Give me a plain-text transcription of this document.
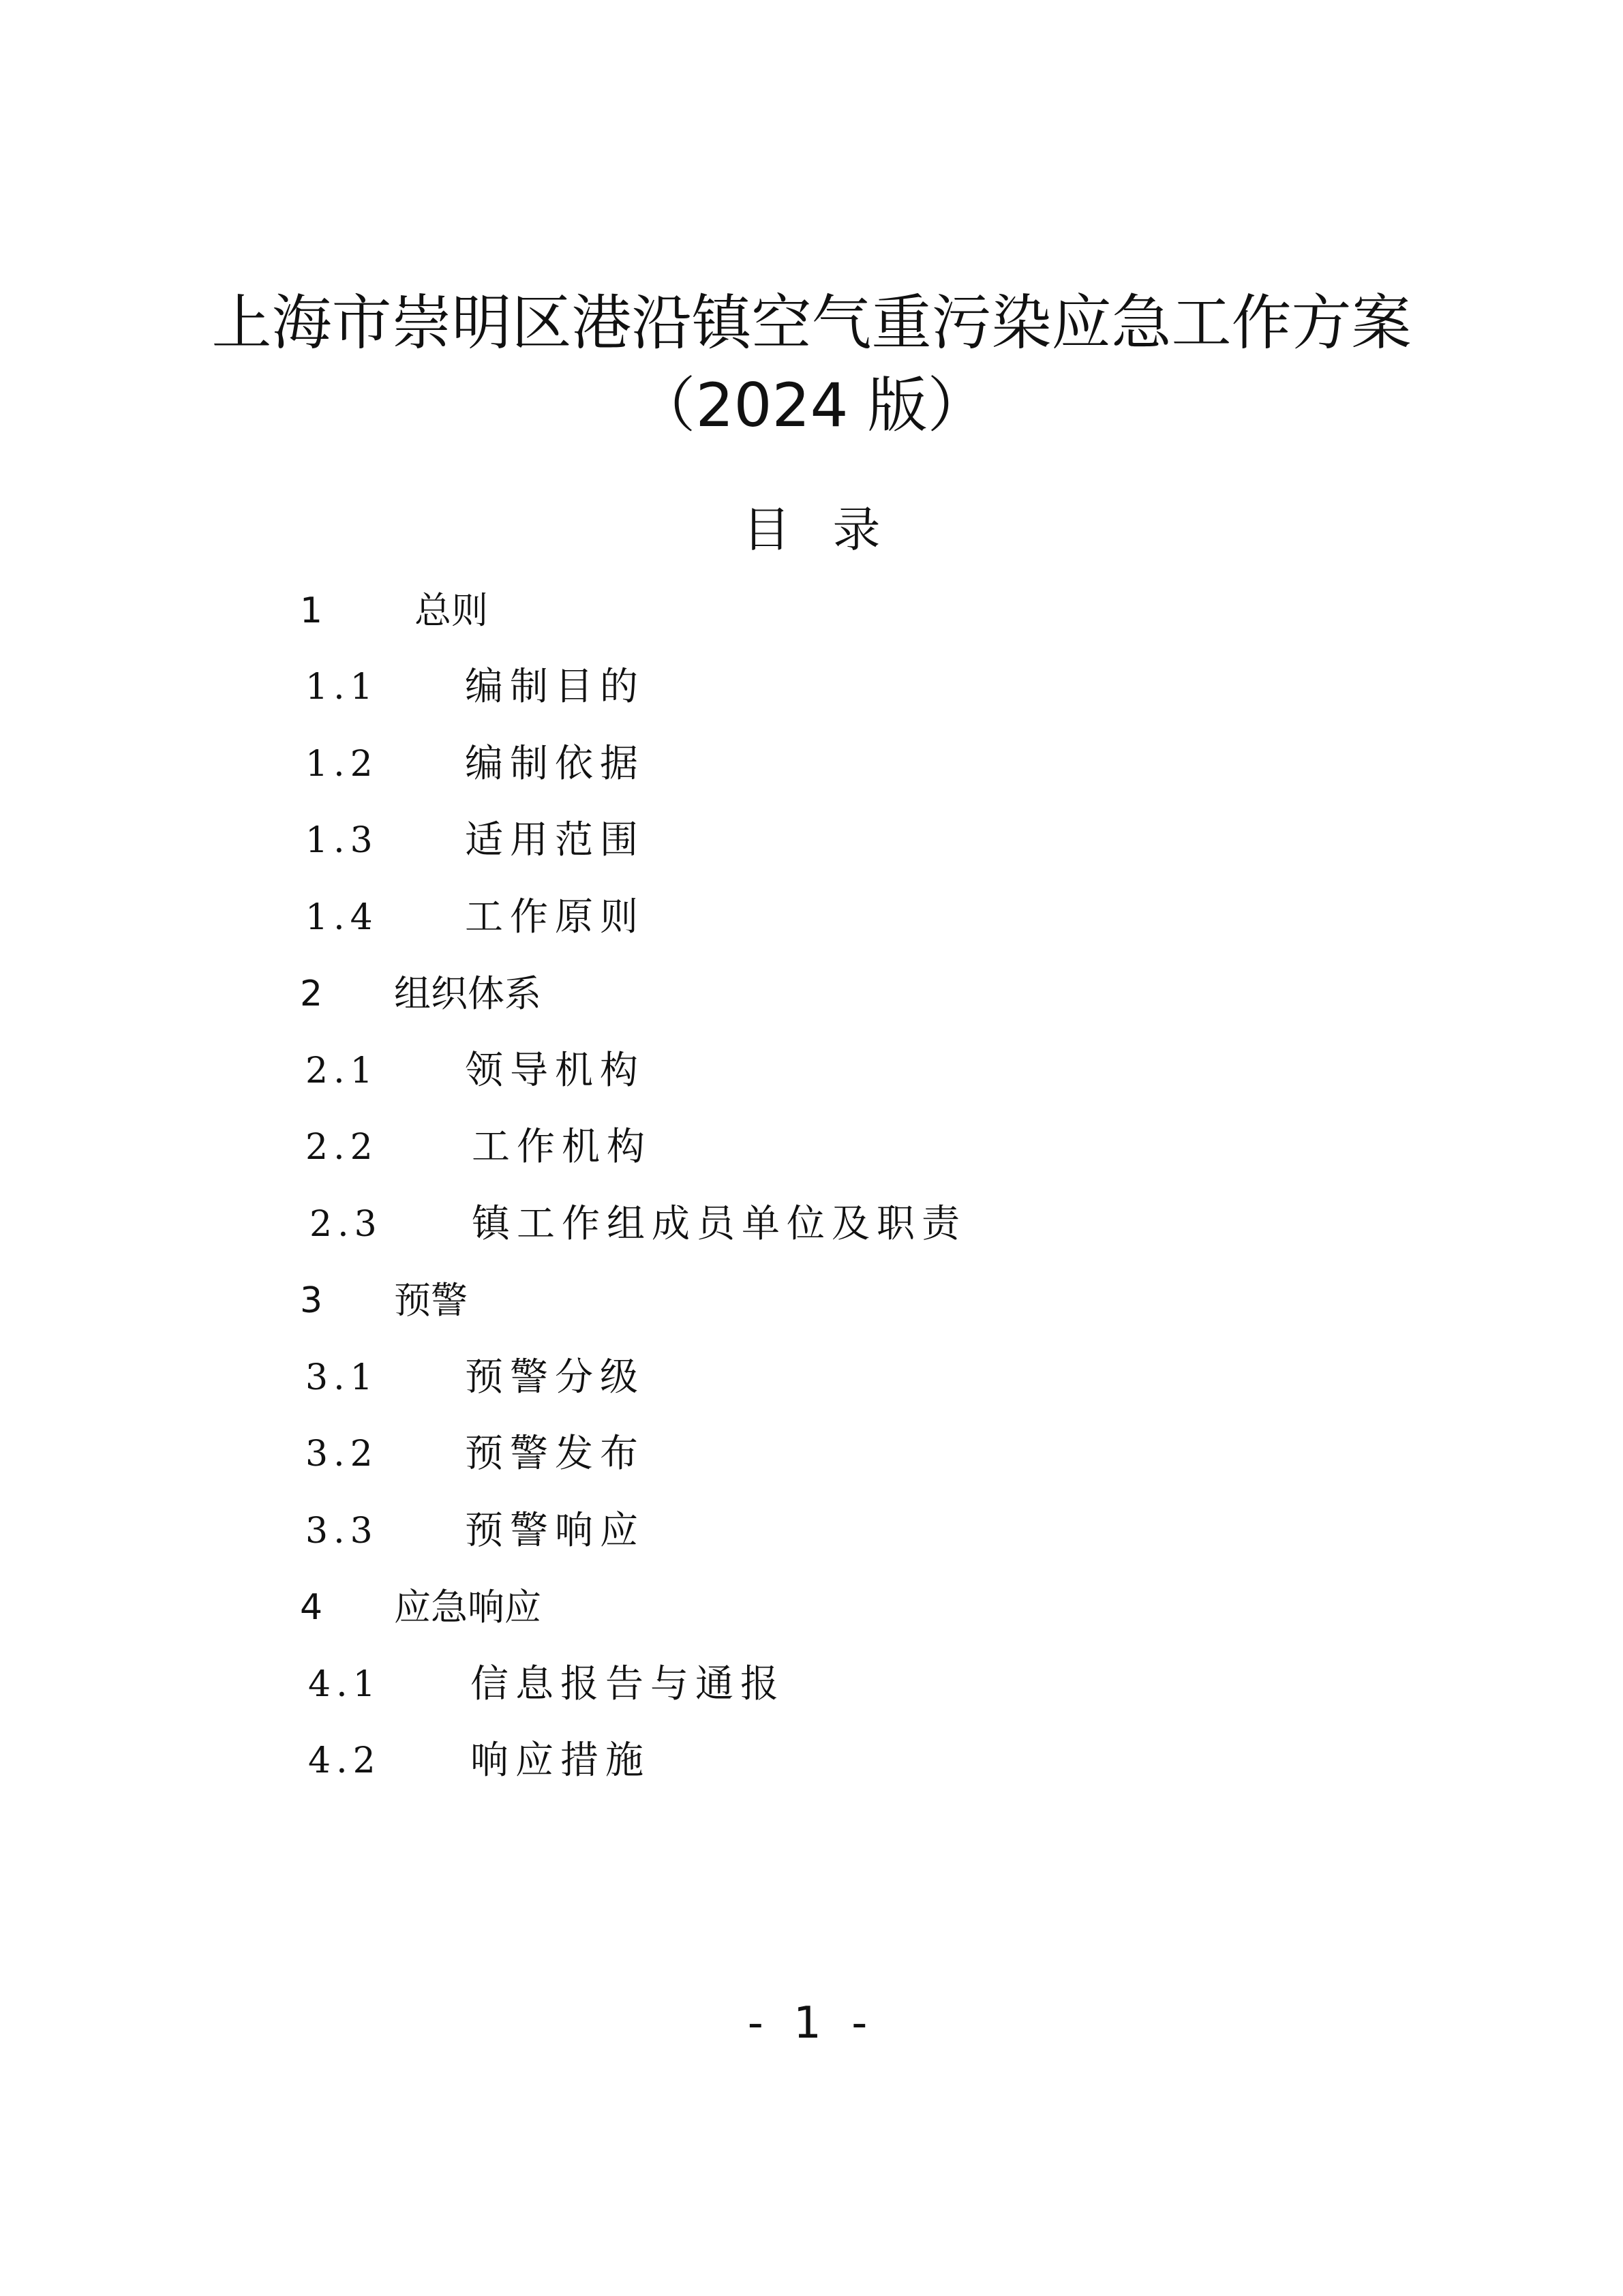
上海市崇明区港沿镇空气重污染应急工作方案
（2024 版）
目 录
1 总则
1.1 编制目的
1.2 编制依据
1.3 适用范围
1.4 工作原则
2 组织体系
2.1 领导机构
2.2 工作机构
2.3 镇工作组成员单位及职责
3 预警
3.1 预警分级
3.2 预警发布
3.3 预警响应
4 应急响应
4.1 信息报告与通报
4.2 响应措施
- 1 -
